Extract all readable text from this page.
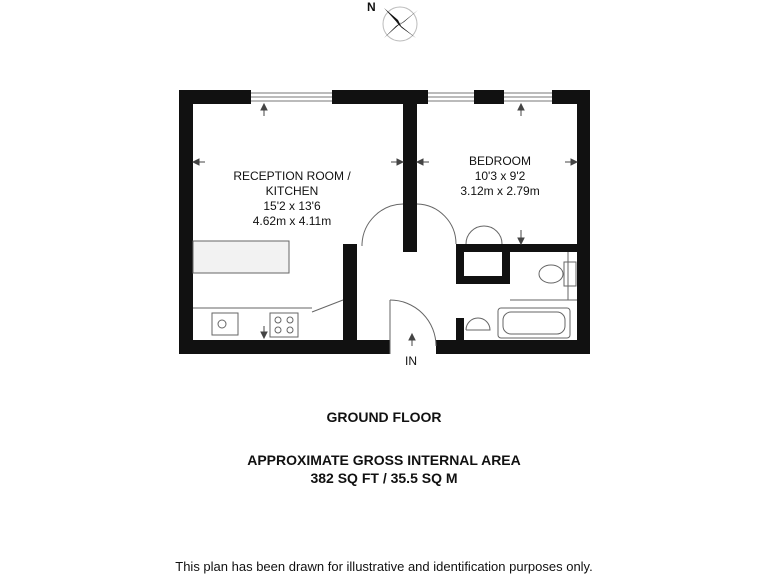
N
RECEPTION ROOM /
KITCHEN
15'2 x 13'6
4.62m x 4.11m
BEDROOM
10'3 x 9'2
3.12m x 2.79m
IN
GROUND FLOOR
APPROXIMATE GROSS INTERNAL AREA
382 SQ FT / 35.5 SQ M
This plan has been drawn for illustrative and identification purposes only.
